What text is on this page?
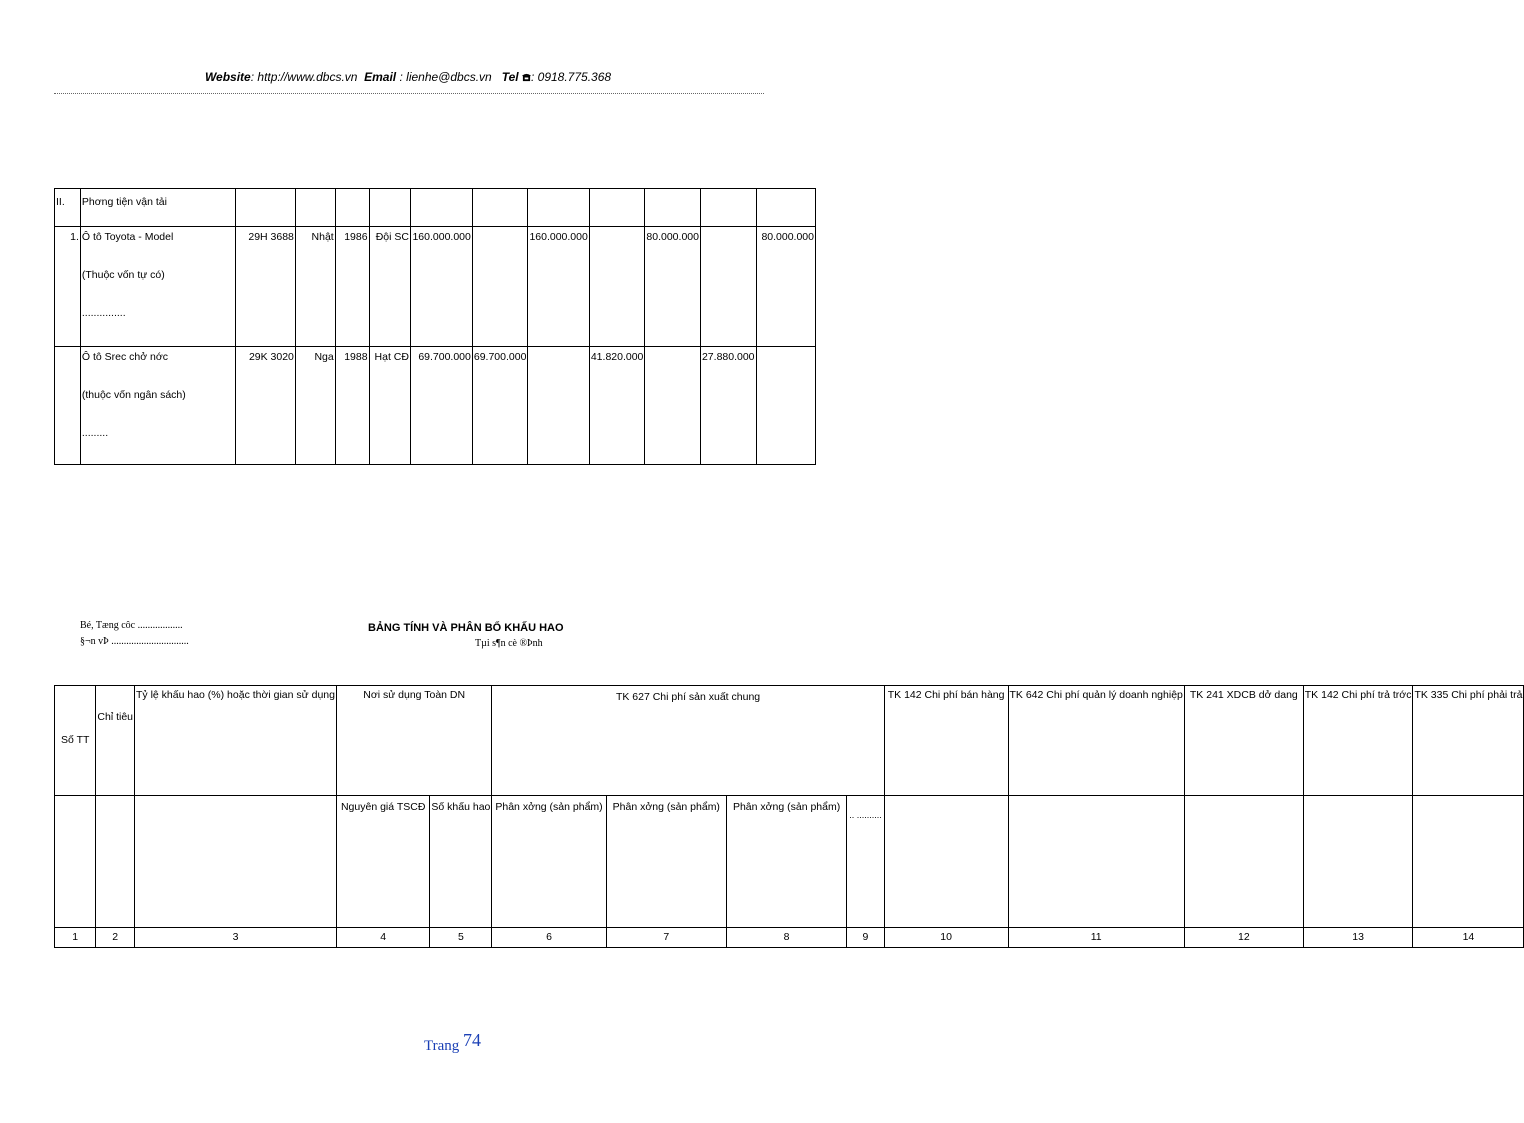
Website: http://www.dbcs.vn Email : lienhe@dbcs.vn Tel : 0918.775.368
II.	Phơng tiện vận tải											

1.	Ô tô Toyota - Model
(Thuộc vốn tự có)
...............	29H 3688	Nhật	1986	Đội SC	160.000.000		160.000.000		80.000.000		80.000.000

	Ô tô Srec chở nớc
(thuộc vốn ngân sách)
.........	29K 3020	Nga	1988	Hạt CĐ	69.700.000	69.700.000		41.820.000		27.880.000	

Bé, Tæng côc ..................
§¬n vÞ ...............................
BẢNG TÍNH VÀ PHÂN BỔ KHẤU HAO
Tµi s¶n cè ®Þnh
Số TT	Chỉ tiêu	Tỷ lệ khấu hao (%) hoặc thời gian sử dụng	Nơi sử dụng Toàn DN		TK 627 Chi phí sản xuất chung				TK 142 Chi phí bán hàng	TK 642 Chi phí quản lý doanh nghiệp	TK 241 XDCB dở dang	TK 142 Chi phí trả trớc	TK 335 Chi phí phải trả
			Nguyên giá TSCĐ	Số khấu hao	Phân xởng (sản phẩm)	Phân xởng (sản phẩm)	Phân xởng (sản phẩm)	.. ..........					
1	2	3	4	5	6	7	8	9	10	11	12	13	14
Trang 74
